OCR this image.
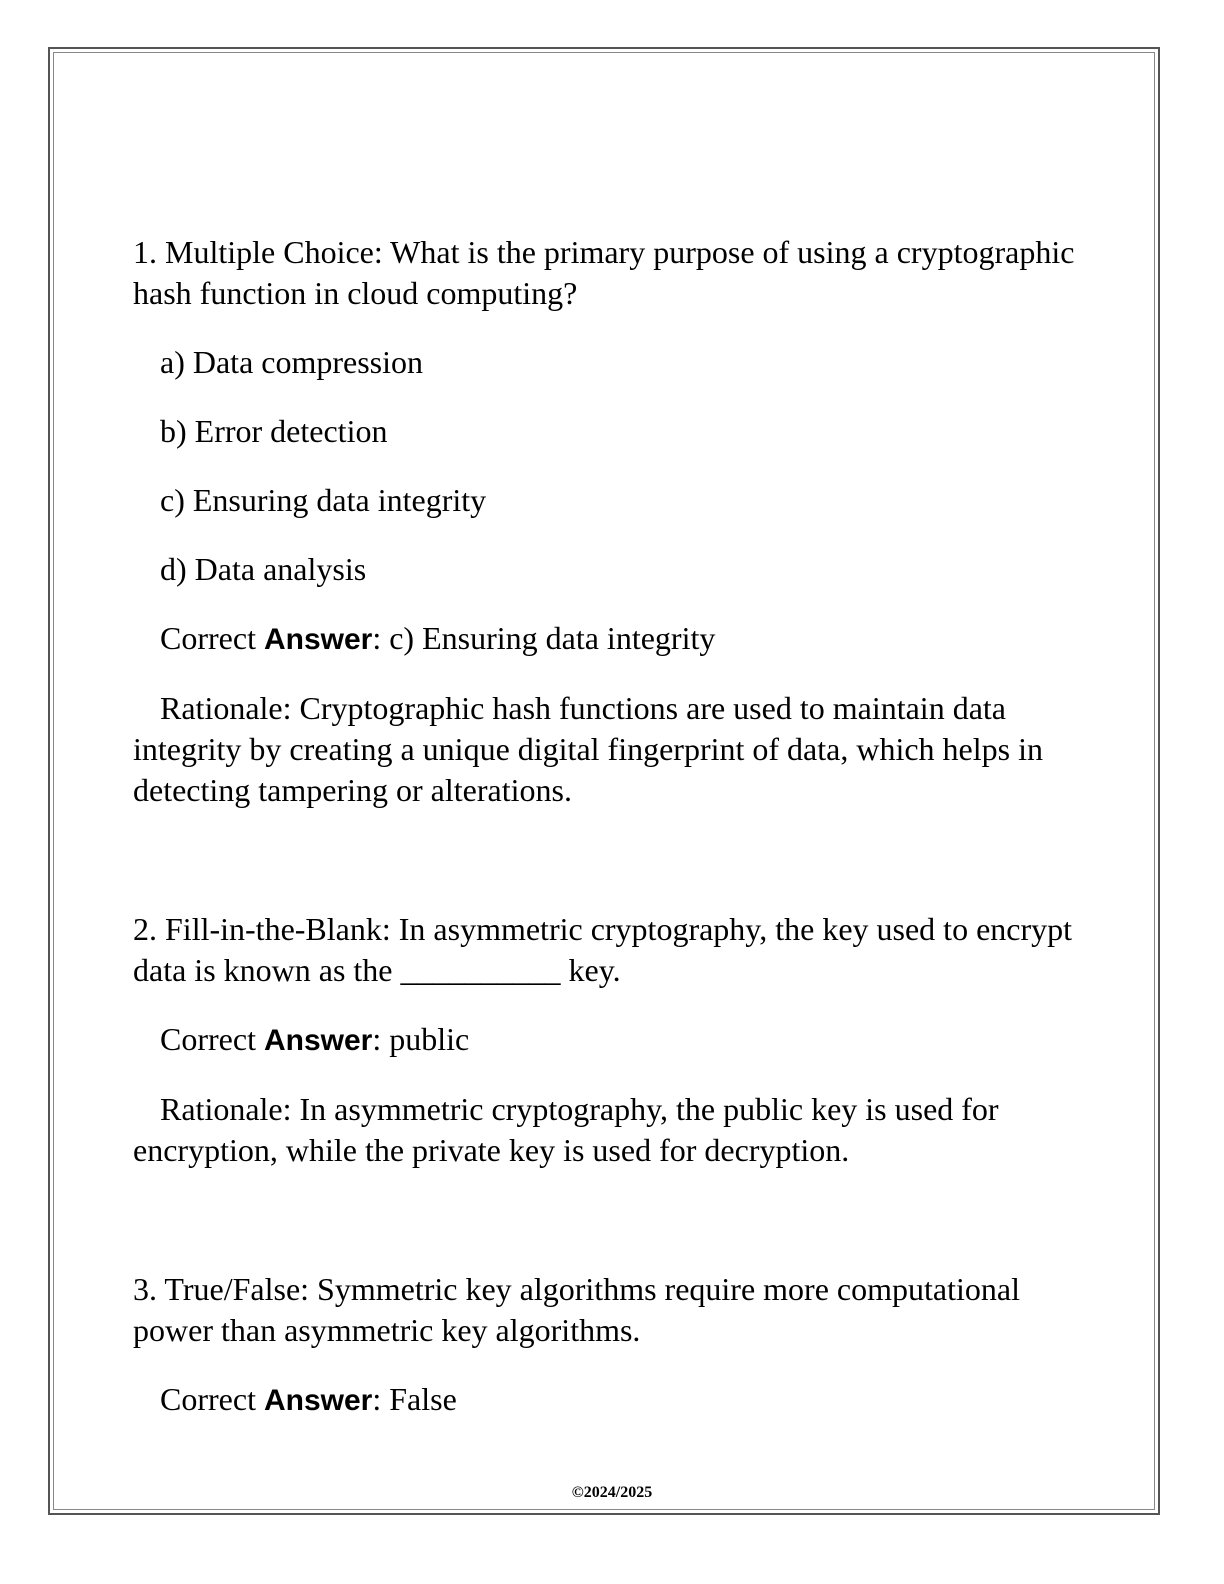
1. Multiple Choice: What is the primary purpose of using a cryptographic hash function in cloud computing?

a) Data compression

b) Error detection

c) Ensuring data integrity

d) Data analysis

Correct Answer: c) Ensuring data integrity

Rationale: Cryptographic hash functions are used to maintain data integrity by creating a unique digital fingerprint of data, which helps in detecting tampering or alterations.

2. Fill-in-the-Blank: In asymmetric cryptography, the key used to encrypt data is known as the __________ key.

Correct Answer: public

Rationale: In asymmetric cryptography, the public key is used for encryption, while the private key is used for decryption.

3. True/False: Symmetric key algorithms require more computational power than asymmetric key algorithms.

Correct Answer: False

©2024/2025
